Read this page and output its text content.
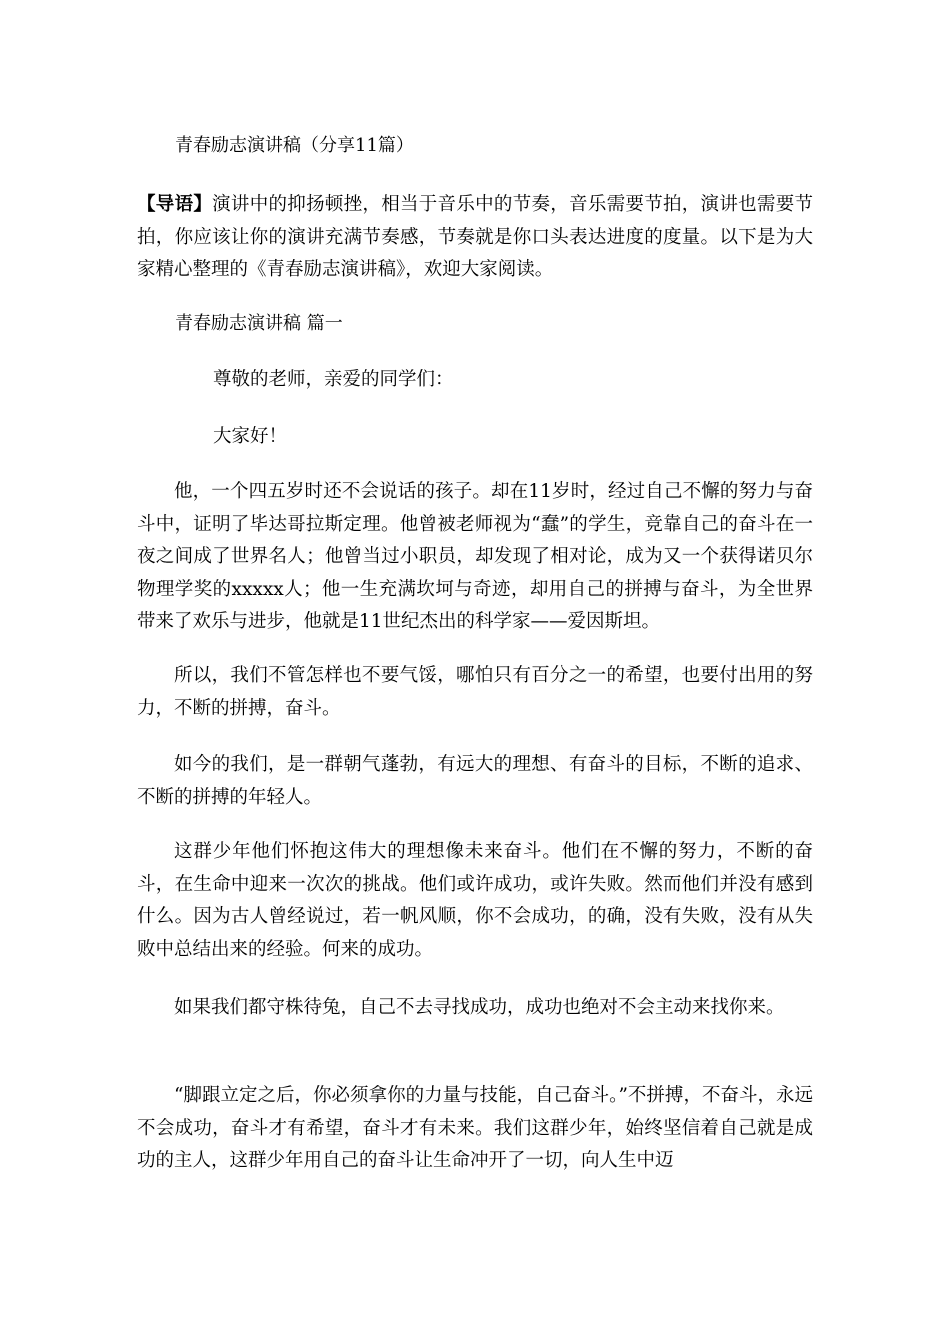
青春励志演讲稿（分享11篇）
【导语】演讲中的抑扬顿挫，相当于音乐中的节奏，音乐需要节拍，演讲也需要节拍，你应该让你的演讲充满节奏感，节奏就是你口头表达进度的度量。以下是为大家精心整理的《青春励志演讲稿》，欢迎大家阅读。
青春励志演讲稿 篇一
尊敬的老师，亲爱的同学们：
大家好！
他，一个四五岁时还不会说话的孩子。却在11岁时，经过自己不懈的努力与奋斗中，证明了毕达哥拉斯定理。他曾被老师视为“蠢”的学生，竞靠自己的奋斗在一夜之间成了世界名人；他曾当过小职员，却发现了相对论，成为又一个获得诺贝尔物理学奖的xxxxx人；他一生充满坎坷与奇迹，却用自己的拼搏与奋斗，为全世界带来了欢乐与进步，他就是11世纪杰出的科学家——爱因斯坦。
所以，我们不管怎样也不要气馁，哪怕只有百分之一的希望，也要付出用的努力，不断的拼搏，奋斗。
如今的我们，是一群朝气蓬勃，有远大的理想、有奋斗的目标，不断的追求、不断的拼搏的年轻人。
这群少年他们怀抱这伟大的理想像未来奋斗。他们在不懈的努力，不断的奋斗，在生命中迎来一次次的挑战。他们或许成功，或许失败。然而他们并没有感到什么。因为古人曾经说过，若一帆风顺，你不会成功，的确，没有失败，没有从失败中总结出来的经验。何来的成功。
如果我们都守株待兔，自己不去寻找成功，成功也绝对不会主动来找你来。
“脚跟立定之后，你必须拿你的力量与技能，自己奋斗。”不拼搏，不奋斗，永远不会成功，奋斗才有希望，奋斗才有未来。我们这群少年，始终坚信着自己就是成功的主人，这群少年用自己的奋斗让生命冲开了一切，向人生中迈
